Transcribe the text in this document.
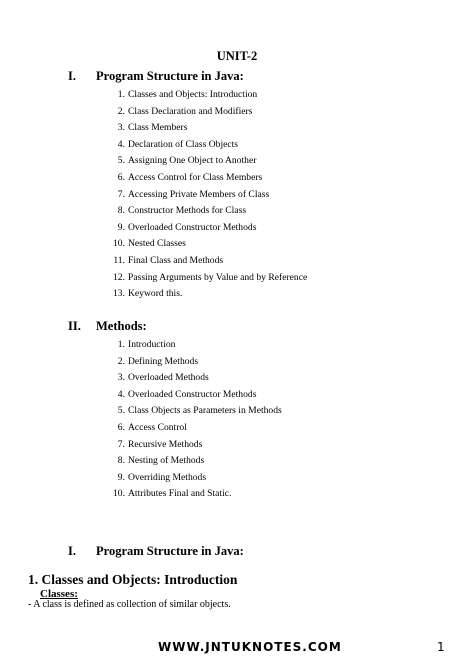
UNIT-2
I. Program Structure in Java:
1. Classes and Objects: Introduction
2. Class Declaration and Modifiers
3. Class Members
4. Declaration of Class Objects
5. Assigning One Object to Another
6. Access Control for Class Members
7. Accessing Private Members of Class
8. Constructor Methods for Class
9. Overloaded Constructor Methods
10. Nested Classes
11. Final Class and Methods
12. Passing Arguments by Value and by Reference
13. Keyword this.
II. Methods:
1. Introduction
2. Defining Methods
3. Overloaded Methods
4. Overloaded Constructor Methods
5. Class Objects as Parameters in Methods
6. Access Control
7. Recursive Methods
8. Nesting of Methods
9. Overriding Methods
10. Attributes Final and Static.
I. Program Structure in Java:
1. Classes and Objects: Introduction
Classes:
- A class is defined as collection of similar objects.
WWW.JNTUKNOTES.COM	1
